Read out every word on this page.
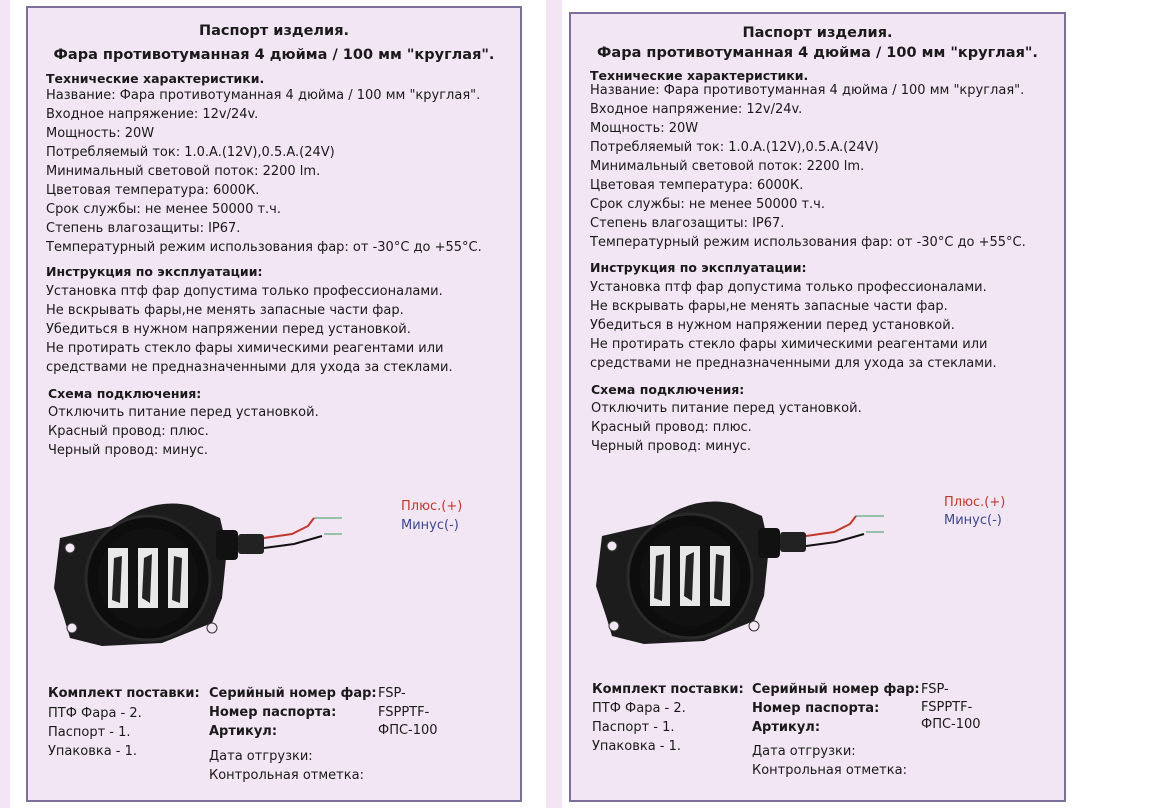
Паспорт изделия.
Фара противотуманная 4 дюйма / 100 мм "круглая".
Технические характеристики.
Название: Фара противотуманная 4 дюйма / 100 мм "круглая".
Входное напряжение: 12v/24v.
Мощность: 20W
Потребляемый ток: 1.0.A.(12V),0.5.A.(24V)
Минимальный световой поток: 2200 lm.
Цветовая температура: 6000К.
Срок службы: не менее 50000 т.ч.
Степень влагозащиты: IP67.
Температурный режим использования фар: от -30°C до +55°C.
Инструкция по эксплуатации:
Установка птф фар допустима только профессионалами.
Не вскрывать фары,не менять запасные части фар.
Убедиться в нужном напряжении перед установкой.
Не протирать стекло фары химическими реагентами или
средствами не предназначенными для ухода за стеклами.
Схема подключения:
Отключить питание перед установкой.
Красный провод: плюс.
Черный провод: минус.
Плюс.(+)
Минус(-)
Комплект поставки:
ПТФ Фара - 2.
Паспорт - 1.
Упаковка - 1.
Серийный номер фар:
Номер паспорта:
Артикул:
FSP-
FSPPTF-
ФПС-100
Дата отгрузки:
Контрольная отметка:
Паспорт изделия.
Фара противотуманная 4 дюйма / 100 мм "круглая".
Технические характеристики.
Название: Фара противотуманная 4 дюйма / 100 мм "круглая".
Входное напряжение: 12v/24v.
Мощность: 20W
Потребляемый ток: 1.0.A.(12V),0.5.A.(24V)
Минимальный световой поток: 2200 lm.
Цветовая температура: 6000К.
Срок службы: не менее 50000 т.ч.
Степень влагозащиты: IP67.
Температурный режим использования фар: от -30°C до +55°C.
Инструкция по эксплуатации:
Установка птф фар допустима только профессионалами.
Не вскрывать фары,не менять запасные части фар.
Убедиться в нужном напряжении перед установкой.
Не протирать стекло фары химическими реагентами или
средствами не предназначенными для ухода за стеклами.
Схема подключения:
Отключить питание перед установкой.
Красный провод: плюс.
Черный провод: минус.
Плюс.(+)
Минус(-)
Комплект поставки:
ПТФ Фара - 2.
Паспорт - 1.
Упаковка - 1.
Серийный номер фар:
Номер паспорта:
Артикул:
FSP-
FSPPTF-
ФПС-100
Дата отгрузки:
Контрольная отметка:
